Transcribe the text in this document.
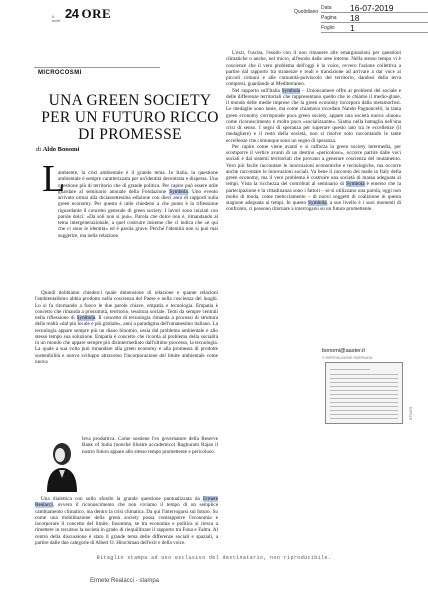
il sole 24 ORE	Quotidiano
Data	16-07-2019
Pagina	18
Foglio	1
MICROCOSMI
UNA GREEN SOCIETY PER UN FUTURO RICCO DI PROMESSE
di Aldo Bonomi
L
ambiente, la crisi ambientale è il grande tema. In Italia, la questione ambientale è sempre caratterizzata per un'identità decentrata e dispersa. Una questione più di territorio che di grande politica. Per capire può essere utile guardare al seminario annuale della Fondazione Symbola. Uno evento arrivato ormai alla diciassettesima edizione con dieci anni di rapporti sulla green economy. Per questo è utile chiedersi a che punto è la riflessione riguardante il concetto generale di green society. I lavori sono iniziati con parole dolci: «Da soli non si può». Parola che dolce non è, rimandando al tema intergenerazionale, a quel costruire insieme che ci indica che «è qui che ci sono le identità» ed è parola grave. Perché l'identità non si può mai suggerire, ma nella relazione.

Quindi dobbiamo chiederci quale dimensione di relazione e quante relazioni l'ambientalismo abbia prodotto nella coscienza del Paese e nella coscienza dei luoghi. Lo si fa ritornando a fuoco le due parole chiave, empatia e tecnologia. Empatia è concetto che rimanda a prossimità, territorio, tessitura sociale. Temi da sempre centrali nella riflessione di Symbola. Il concetto di tecnologia rimanda a processi di struttura della realtà «dal più locale e più globale», anni a paradigma dell'umanesimo italiano. La tecnologia appare sempre più un diano binomio, ossia dal problema ambientale e allo stesso tempo sua soluzione. Empatia è concetto che ricorda al problema della socialità in un mondo che appare sempre più disintermediato dall'ultimo processo, la tecnologia. La quale a sua volta può rimandare alla green economy e alla promessa di prodotte sostenibilità e nuovo sviluppo attraverso l'incorporazione del limite ambientale come nuova

leva produttiva. Come sostiene l'ex governatore della Reserve Bank of India (nonché illustre accademico) Raghuram Rajan il nostro futuro appare allo stesso tempo promettente e pericoloso.

Una dialettica con sullo sfondo la grande questione puntualizzata da Ermete Realacci, ovvero il riconoscimento che non viviamo il tempo di un semplice cambiamento climatico, ma dentro la crisi climatica. Da qui l'interrogarsi sul futuro. Su come una mobilitazione della green society possa contrapporre l'economia e incorporare il concetto del limite. Insomma, se tra economia e politica si riesca a rimettere in recursus la società in grado di riequilibrare il rapporto tra Funa e Faltra. Al centro della discussione è stato il grande tema delle differenze sociali e spaziali, a partire dalle due categorie di Albert O. Hirschman dell'exit e della voice.

L'exit, l'uscita, l'esodo con il non rimanere alle emarginazioni per questioni climatiche o anche, nel micro, all'esodo dalle aree interne. Nella stesso tempo vi è coscienze che il vero problema dell'oggi è la voice, ovvero l'azione collettiva a partire dal rapporto tra stranezze e reali e transizione ad arrivare a dar voce ai piccoli comuni e alle comunità-pulviscolo del territorio, dandosi della terra compresi, guardando al Mediterraneo.

Nel rapporto sull'Italia Symbola – Unioncamere offre ai problemi del sociale e delle differenze territoriali che rappresentano quello che io chiamo il medio-glane, il mondo delle medie imprese che la green economy incorpora dalla metamorfosi. Le medaglie sono tante, ma come chiamava ricordato Nando Pagnoncelli, la tanta green economy corrisponde poca green society, appare una società nuova «buon» come riconoscimento e molto poco «socializzante». Siamo nella battaglia nell'una crisi di senso. I segni di speranza per superare questo iato tra le eccellenze (il medagliere) e il resto della società, non si risolve solo raccontando le tante eccellenze che comunque sono un segno di speranza.

Per capire come viene avanti e si rafforza la green society intermedia, per scomporre il vertice avanti di un destino «pericoloso», occorre partire dalle voci sociali e dai sistemi territoriali che provano a generare coscienza del mutamento. Vero più facile raccontare le innovazioni economiche e tecnologiche, ma occorre anche raccontare le innovazioni sociali. Va bene il racconto del made in Italy della green economy, ma il vero problema è costruire una società di massa adeguata ai tempi. Vista la ricchezza dei contributi al seminario di Symbola è emerso che la partecipazione e la cittadinanza sono i fattori – se si utilizzano una parola, oggi non molto di moda, come meticciamento – di nuovi soggetti di coalizione in questa stagione adeguata ai tempi. In questo Symbola, a suo livello è i suoi momenti di confronto, ci possono ritornare a interrogarsi su un futuro promettente.

bonomi@aaster.it
© RIPRODUZIONE RISERVATA
075479
Ritaglio stampa ad uso esclusivo del destinatario, non riproducibile.
Ermete Realacci - stampa
